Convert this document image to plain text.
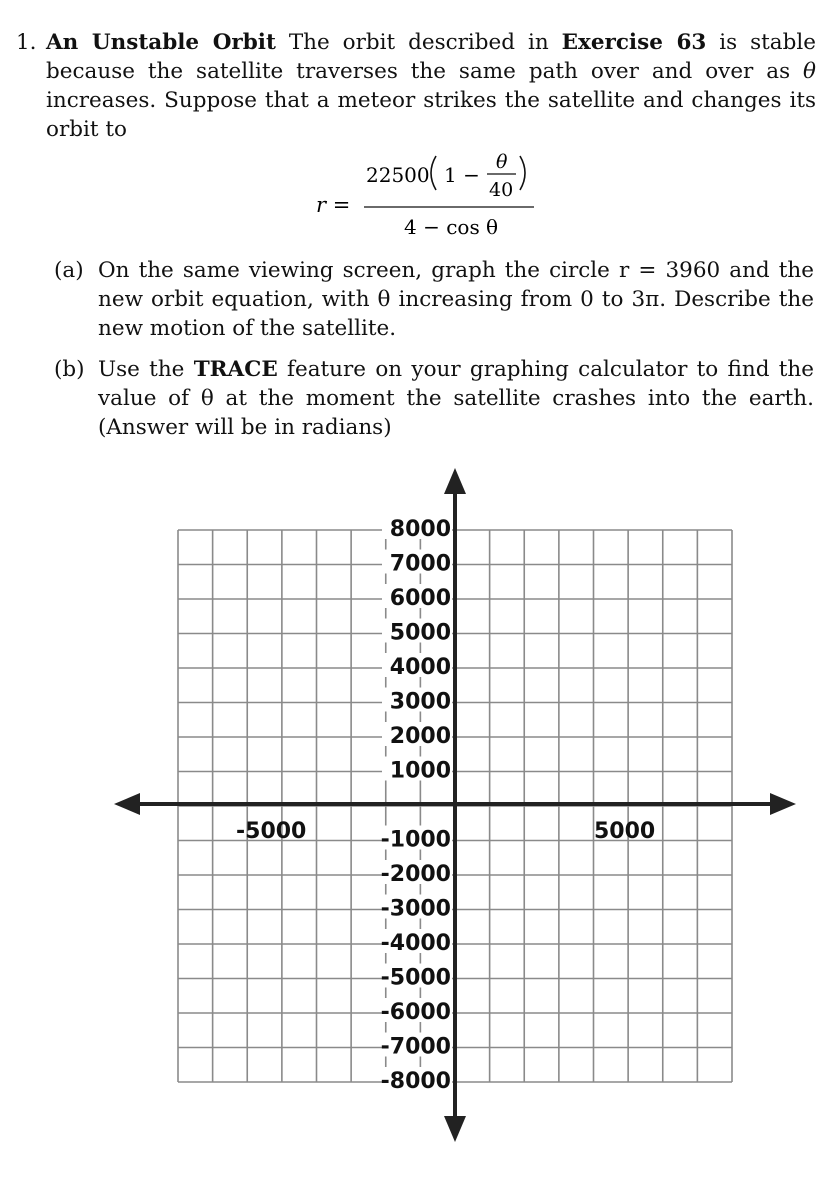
1. An Unstable Orbit The orbit described in Exercise 63 is stable because the satellite traverses the same path over and over as θ increases. Suppose that a meteor strikes the satellite and changes its orbit to
r =
22500 1 −
θ
40
4 − cos θ
(a) On the same viewing screen, graph the circle r = 3960 and the new orbit equation, with θ increasing from 0 to 3π. Describe the new motion of the satellite.
(b) Use the TRACE feature on your graphing calculator to find the value of θ at the moment the satellite crashes into the earth. (Answer will be in radians)
-5000	5000
8000
7000
6000
5000
4000
3000
2000
1000
-1000
-2000
-3000
-4000
-5000
-6000
-7000
-8000
